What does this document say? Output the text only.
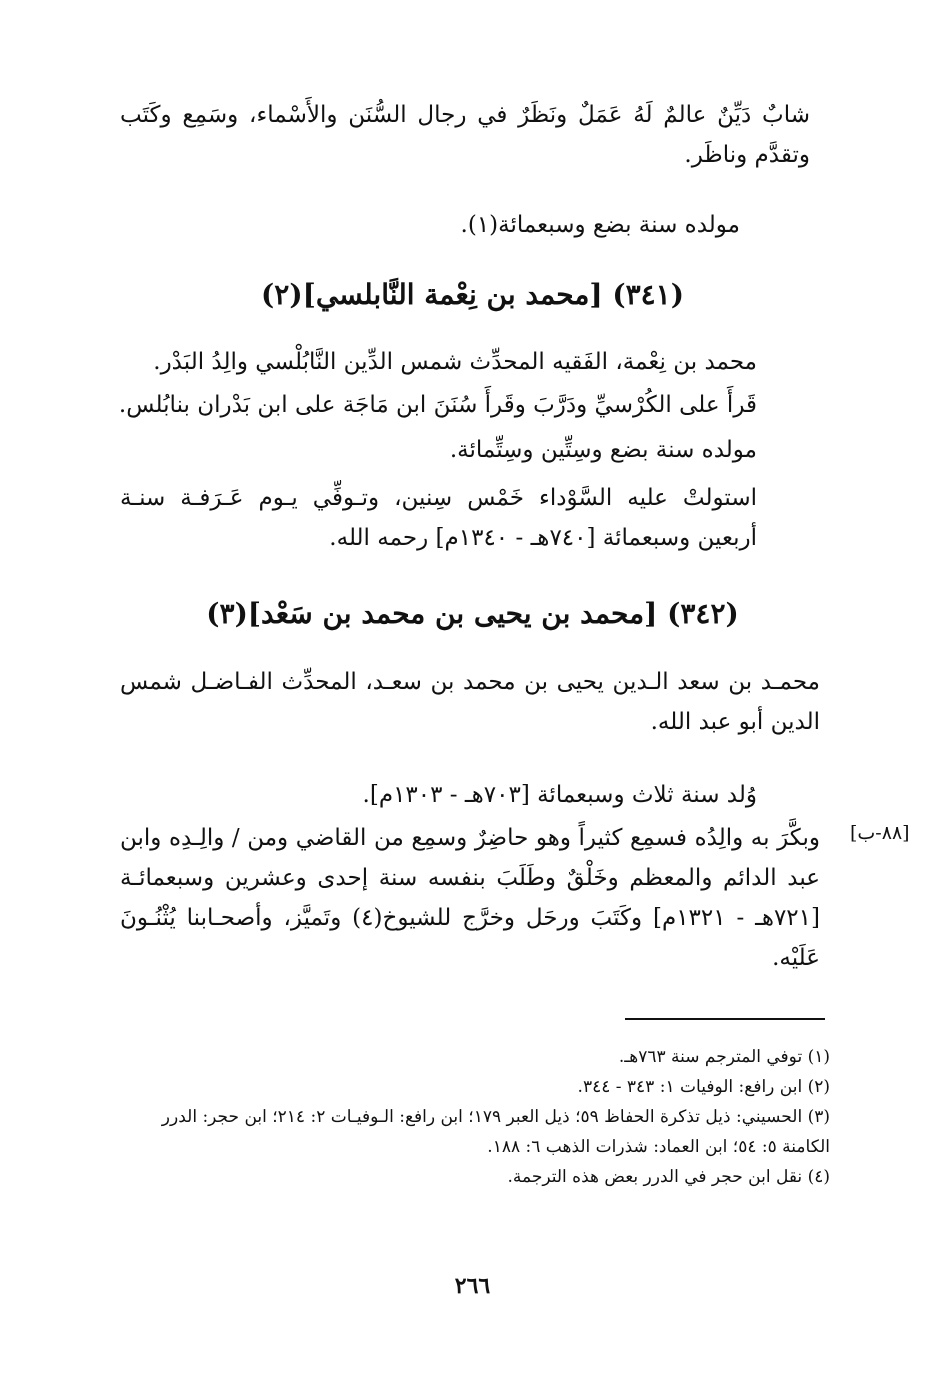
شابٌ دَيِّنٌ عالمٌ لَهُ عَمَلٌ ونَظَرٌ في رجال السُّنَن والأَسْماء، وسَمِع وكَتَب وتقدَّم وناظَر.

مولده سنة بضع وسبعمائة(١).

(٣٤١) [محمد بن نِعْمة النَّابلسي](٢)

محمد بن نِعْمة، الفَقيه المحدِّث شمس الدِّين النَّابُلْسي والِدُ البَدْر.

قَرأَ على الكُرْسيِّ ودَرَّبَ وقَرأَ سُنَنَ ابن مَاجَة على ابن بَدْران بنابُلس.

مولده سنة بضع وسِتِّين وسِتِّمائة.

استولتْ عليه السَّوْداء خَمْس سِنين، وتـوفِّي يـوم عَـرَفـة سنـة أربعين وسبعمائة [٧٤٠هـ - ١٣٤٠م] رحمه الله.

(٣٤٢) [محمد بن يحيى بن محمد بن سَعْد](٣)

محمـد بن سعد الـدين يحيى بن محمد بن سعـد، المحدِّث الفـاضـل شمس الدين أبو عبد الله.

وُلد سنة ثلاث وسبعمائة [٧٠٣هـ - ١٣٠٣م].

وبكَّرَ به والِدُه فسمِع كثيراً وهو حاضِرٌ وسمِع من القاضي ومن / والِـدِه وابن عبد الدائم والمعظم وخَلْقٌ وطَلَبَ بنفسه سنة إحدى وعشرين وسبعمائـة [٧٢١هـ - ١٣٢١م] وكَتَبَ ورحَل وخرَّج للشيوخ(٤) وتَميَّز، وأصحـابنا يُثْنُـونَ عَلَيْه.

[٨٨-ب]
(١) توفي المترجم سنة ٧٦٣هـ.
(٢) ابن رافع: الوفيات ١: ٣٤٣ - ٣٤٤.
(٣) الحسيني: ذيل تذكرة الحفاظ ٥٩؛ ذيل العبر ١٧٩؛ ابن رافع: الـوفيـات ٢: ٢١٤؛ ابن حجر: الدرر الكامنة ٥: ٥٤؛ ابن العماد: شذرات الذهب ٦: ١٨٨.
(٤) نقل ابن حجر في الدرر بعض هذه الترجمة.
٢٦٦
